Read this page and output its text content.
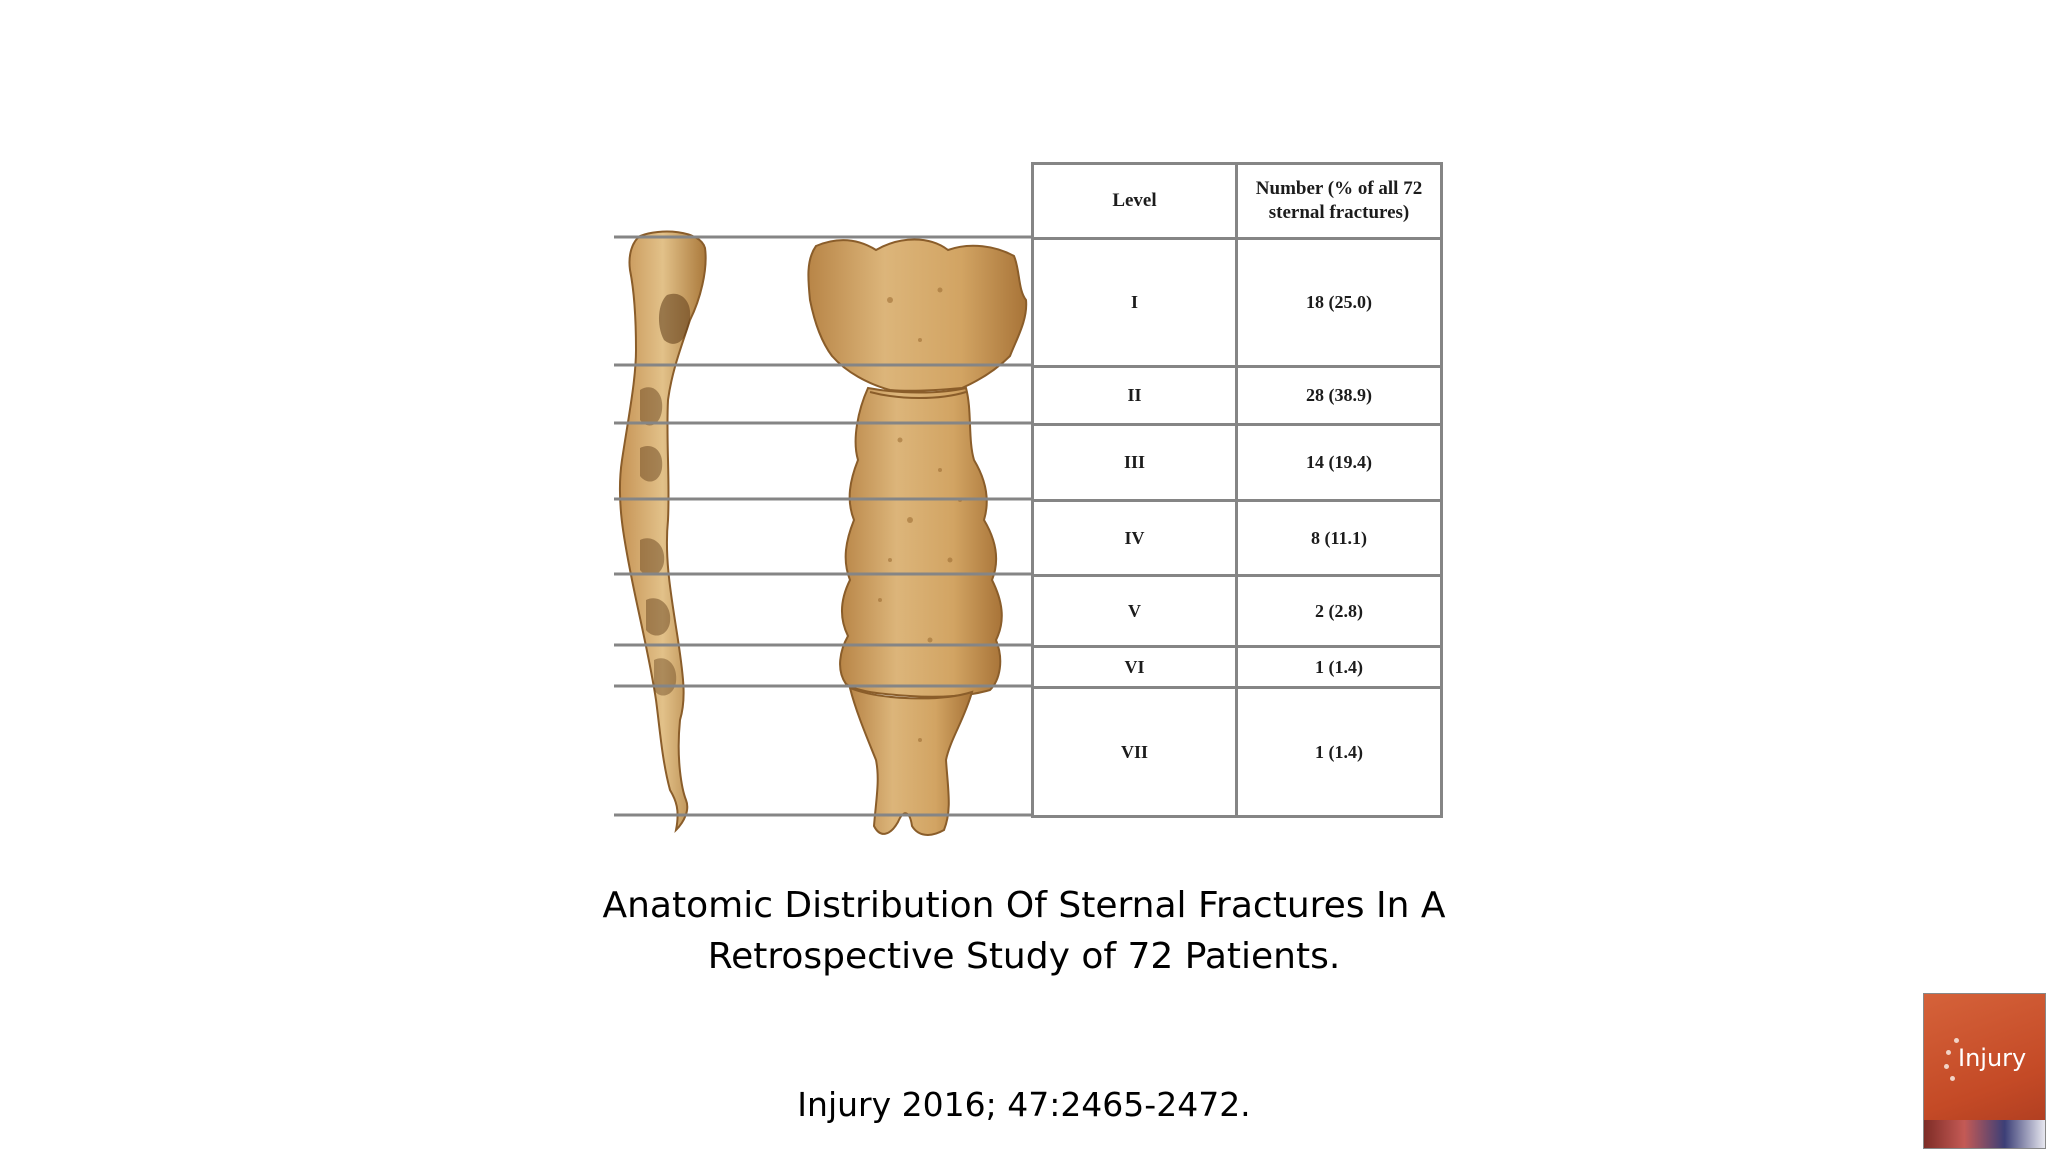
Level	Number (% of all 72
sternal fractures)

I	18 (25.0)
II	28 (38.9)
III	14 (19.4)
IV	8 (11.1)
V	2 (2.8)
VI	1 (1.4)
VII	1 (1.4)
Anatomic Distribution Of Sternal Fractures In A
Retrospective Study of 72 Patients.
Injury 2016; 47:2465-2472.
Injury
